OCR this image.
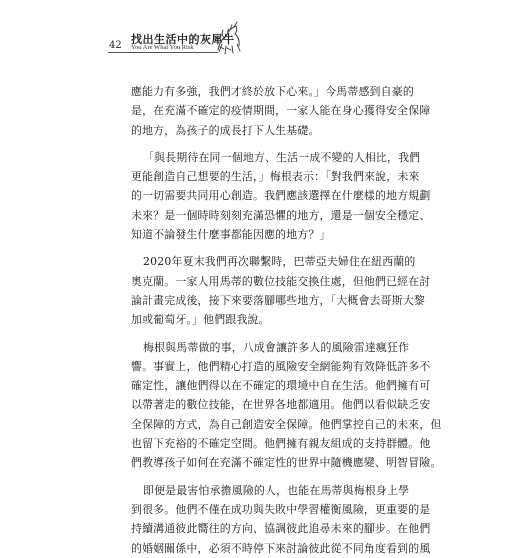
42 找出生活中的灰犀牛
You Are What You Risk
應能力有多強，我們才終於放下心來。」今馬蒂感到自豪的
是，在充滿不確定的疫情期間，一家人能在身心獲得安全保障
的地方，為孩子的成長打下人生基礎。
「與長期待在同一個地方、生活一成不變的人相比，我們
更能創造自己想要的生活，」梅根表示：「對我們來說，未來
的一切需要共同用心創造。我們應該選擇在什麼樣的地方規劃
未來？是一個時時刻刻充滿恐懼的地方，還是一個安全穩定、
知道不論發生什麼事都能因應的地方？」
2020年夏末我們再次聯繫時，巴蒂亞夫婦住在紐西蘭的
奧克蘭。一家人用馬蒂的數位技能交換住處，但他們已經在討
論計畫完成後，接下來要落腳哪些地方，「大概會去哥斯大黎
加或葡萄牙。」他們跟我說。
梅根與馬蒂做的事，八成會讓許多人的風險雷達瘋狂作
響。事實上，他們精心打造的風險安全網能夠有效降低許多不
確定性，讓他們得以在不確定的環境中自在生活。他們擁有可
以帶著走的數位技能，在世界各地都適用。他們以看似缺乏安
全保障的方式，為自己創造安全保障。他們掌控自己的未來，但
也留下充裕的不確定空間。他們擁有親友組成的支持群體。他
們教導孩子如何在充滿不確定性的世界中隨機應變、明智冒險。
即便是最害怕承擔風險的人，也能在馬蒂與梅根身上學
到很多。他們不僅在成功與失敗中學習權衡風險，更重要的是
持續溝通彼此嚮往的方向、協調彼此追尋未來的腳步。在他們
的婚姻關係中，必須不時停下來討論彼此從不同角度看到的風
